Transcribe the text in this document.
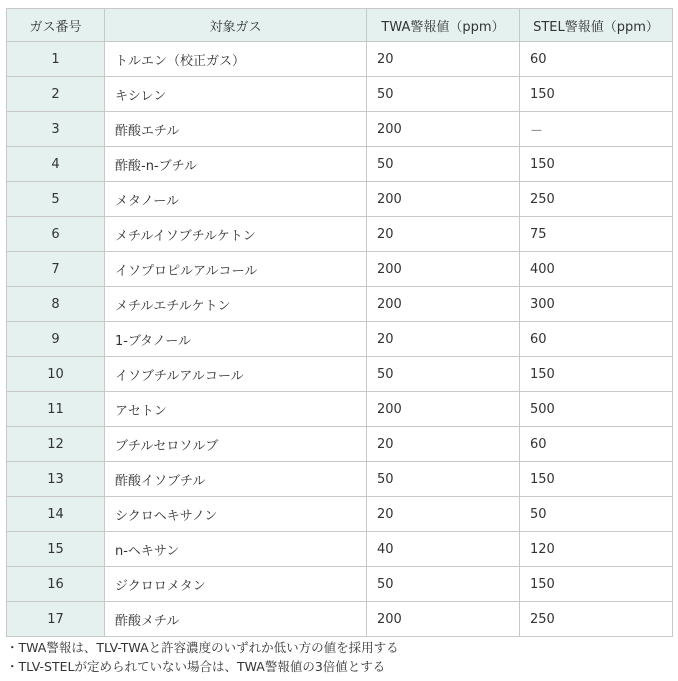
ガス番号	対象ガス	TWA警報値（ppm）	STEL警報値（ppm）
1	トルエン（校正ガス）	20	60
2	キシレン	50	150
3	酢酸エチル	200	－
4	酢酸-n-ブチル	50	150
5	メタノール	200	250
6	メチルイソブチルケトン	20	75
7	イソプロピルアルコール	200	400
8	メチルエチルケトン	200	300
9	1-ブタノール	20	60
10	イソブチルアルコール	50	150
11	アセトン	200	500
12	ブチルセロソルブ	20	60
13	酢酸イソブチル	50	150
14	シクロヘキサノン	20	50
15	n-ヘキサン	40	120
16	ジクロロメタン	50	150
17	酢酸メチル	200	250
・TWA警報は、TLV-TWAと許容濃度のいずれか低い方の値を採用する
・TLV-STELが定められていない場合は、TWA警報値の3倍値とする
